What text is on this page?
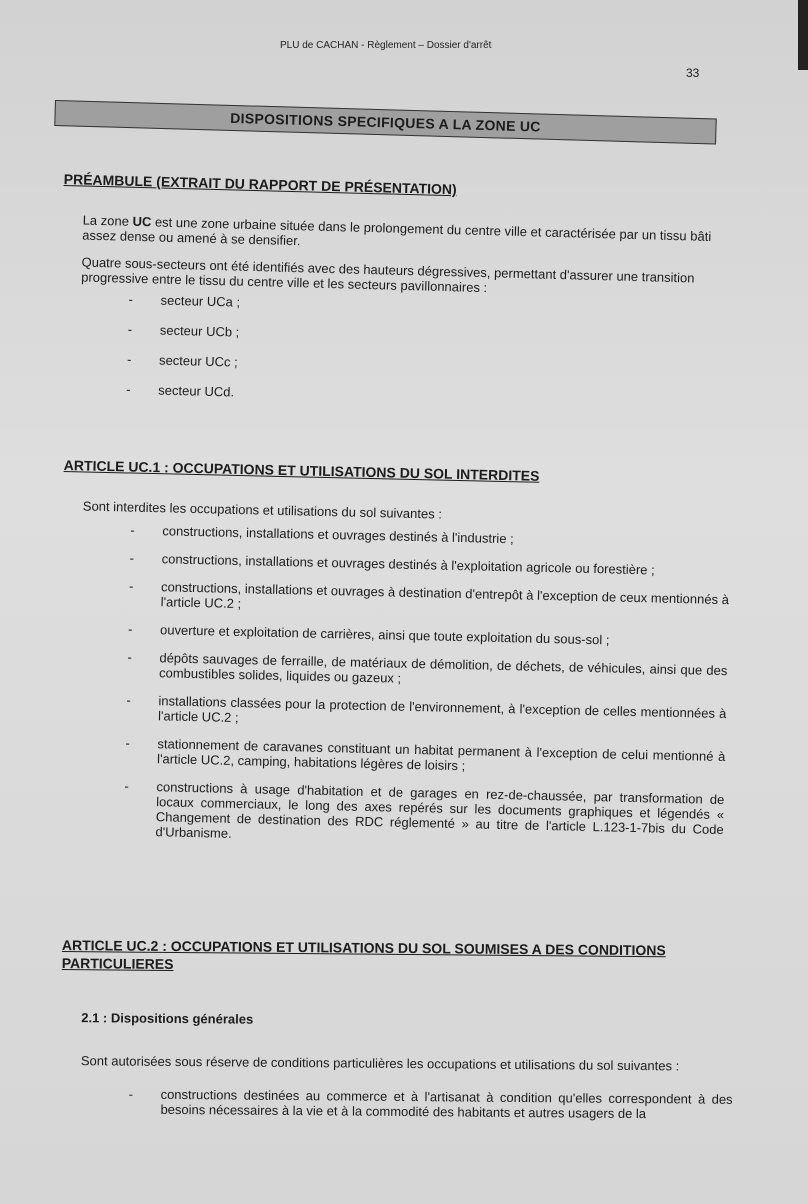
PLU de CACHAN - Règlement – Dossier d'arrêt
33
DISPOSITIONS SPECIFIQUES A LA ZONE UC
PRÉAMBULE (EXTRAIT DU RAPPORT DE PRÉSENTATION)

La zone UC est une zone urbaine située dans le prolongement du centre ville et caractérisée par un tissu bâti assez dense ou amené à se densifier.

Quatre sous-secteurs ont été identifiés avec des hauteurs dégressives, permettant d'assurer une transition progressive entre le tissu du centre ville et les secteurs pavillonnaires :

- secteur UCa ;
- secteur UCb ;
- secteur UCc ;
- secteur UCd.
ARTICLE UC.1 : OCCUPATIONS ET UTILISATIONS DU SOL INTERDITES

Sont interdites les occupations et utilisations du sol suivantes :

- constructions, installations et ouvrages destinés à l'industrie ;
- constructions, installations et ouvrages destinés à l'exploitation agricole ou forestière ;
- constructions, installations et ouvrages à destination d'entrepôt à l'exception de ceux mentionnés à l'article UC.2 ;
- ouverture et exploitation de carrières, ainsi que toute exploitation du sous-sol ;
- dépôts sauvages de ferraille, de matériaux de démolition, de déchets, de véhicules, ainsi que des combustibles solides, liquides ou gazeux ;
- installations classées pour la protection de l'environnement, à l'exception de celles mentionnées à l'article UC.2 ;
- stationnement de caravanes constituant un habitat permanent à l'exception de celui mentionné à l'article UC.2, camping, habitations légères de loisirs ;
- constructions à usage d'habitation et de garages en rez-de-chaussée, par transformation de locaux commerciaux, le long des axes repérés sur les documents graphiques et légendés « Changement de destination des RDC réglementé » au titre de l'article L.123-1-7bis du Code d'Urbanisme.
ARTICLE UC.2 : OCCUPATIONS ET UTILISATIONS DU SOL SOUMISES A DES CONDITIONS PARTICULIERES
2.1 : Dispositions générales

Sont autorisées sous réserve de conditions particulières les occupations et utilisations du sol suivantes :

- constructions destinées au commerce et à l'artisanat à condition qu'elles correspondent à des besoins nécessaires à la vie et à la commodité des habitants et autres usagers de la
